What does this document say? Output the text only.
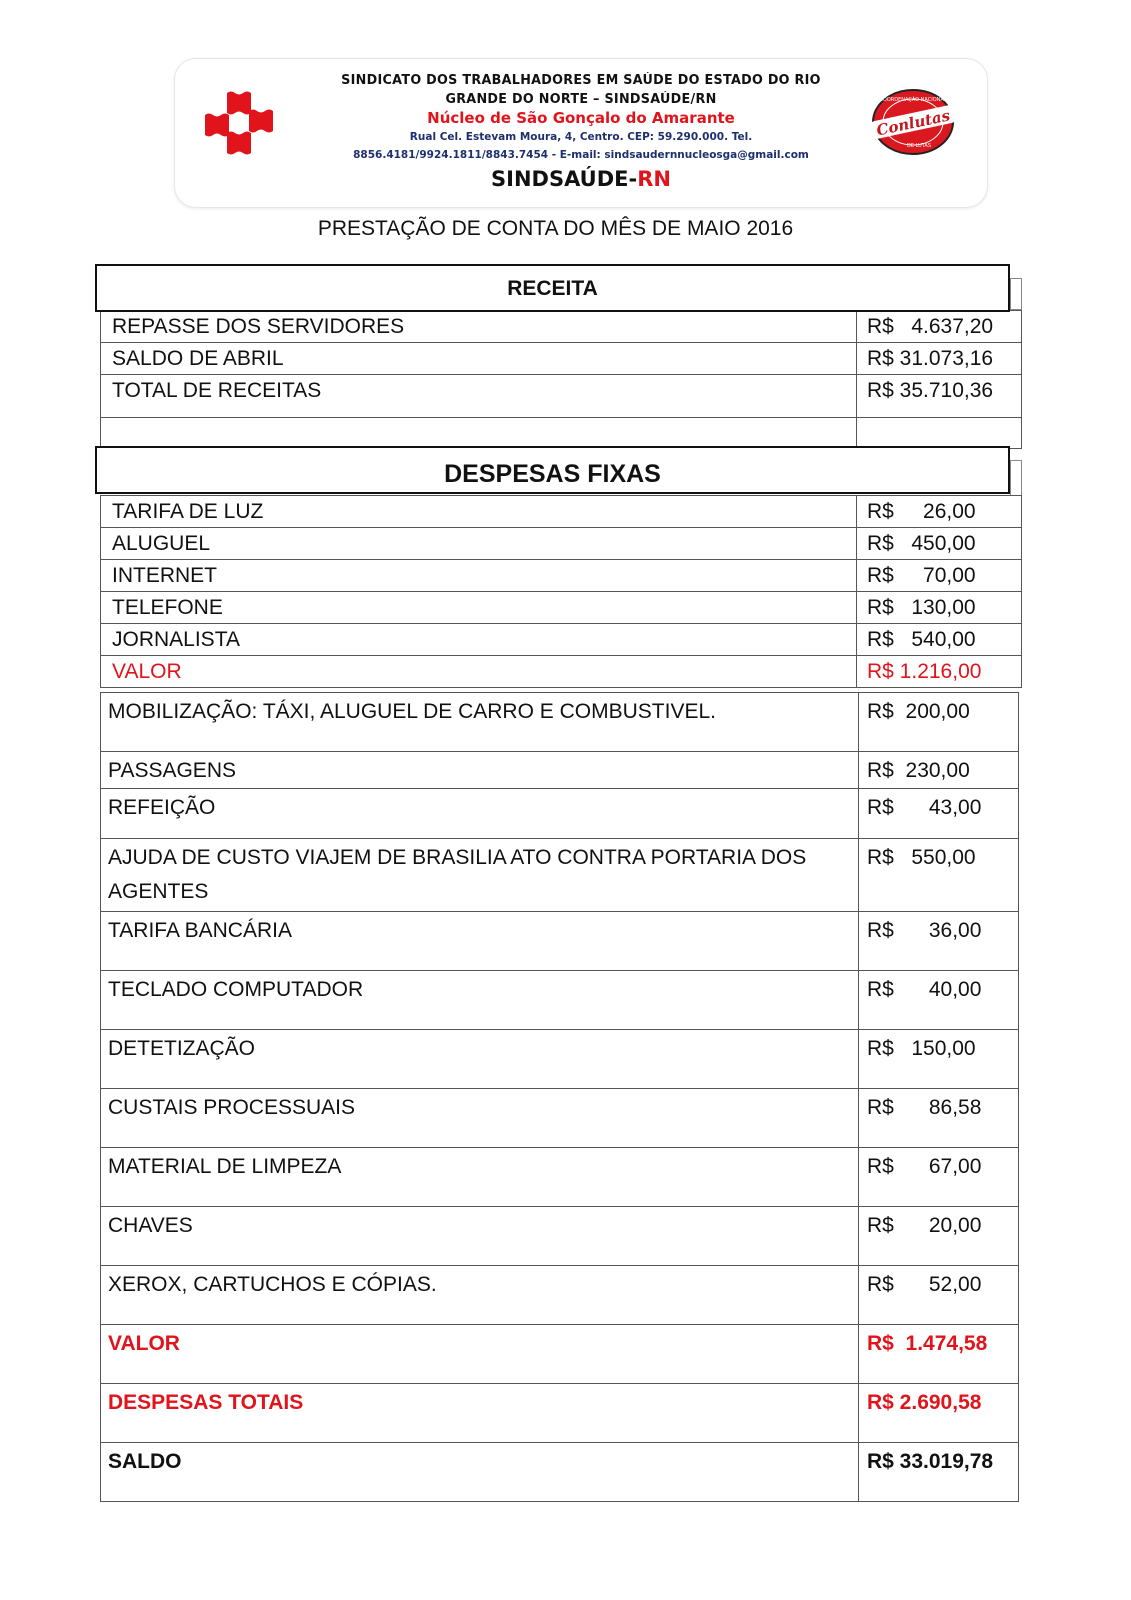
SINDICATO DOS TRABALHADORES EM SAÚDE DO ESTADO DO RIO
GRANDE DO NORTE – SINDSAÚDE/RN
Núcleo de São Gonçalo do Amarante
Rual Cel. Estevam Moura, 4, Centro. CEP: 59.290.000. Tel.
8856.4181/9924.1811/8843.7454 - E-mail: sindsaudernnucleosga@gmail.com
SINDSAÚDE-RN
Conlutas
COORDENAÇÃO NACIONAL
DE LUTAS
PRESTAÇÃO DE CONTA DO MÊS DE MAIO 2016
REPASSE DOS SERVIDORES	R$   4.637,20
SALDO DE ABRIL	R$ 31.073,16
TOTAL DE RECEITAS	R$ 35.710,36

RECEITA
TARIFA DE LUZ	R$     26,00
ALUGUEL	R$   450,00
INTERNET	R$     70,00
TELEFONE	R$   130,00
JORNALISTA	R$   540,00
VALOR	R$ 1.216,00
DESPESAS FIXAS
MOBILIZAÇÃO: TÁXI, ALUGUEL DE CARRO E COMBUSTIVEL.	R$  200,00
PASSAGENS	R$  230,00
REFEIÇÃO	R$      43,00
AJUDA DE CUSTO VIAJEM DE BRASILIA ATO CONTRA PORTARIA DOS AGENTES	R$   550,00
TARIFA BANCÁRIA	R$      36,00
TECLADO COMPUTADOR	R$      40,00
DETETIZAÇÃO	R$   150,00
CUSTAIS PROCESSUAIS	R$      86,58
MATERIAL DE LIMPEZA	R$      67,00
CHAVES	R$      20,00
XEROX, CARTUCHOS E CÓPIAS.	R$      52,00
VALOR	R$  1.474,58
DESPESAS TOTAIS	R$ 2.690,58
SALDO	R$ 33.019,78
